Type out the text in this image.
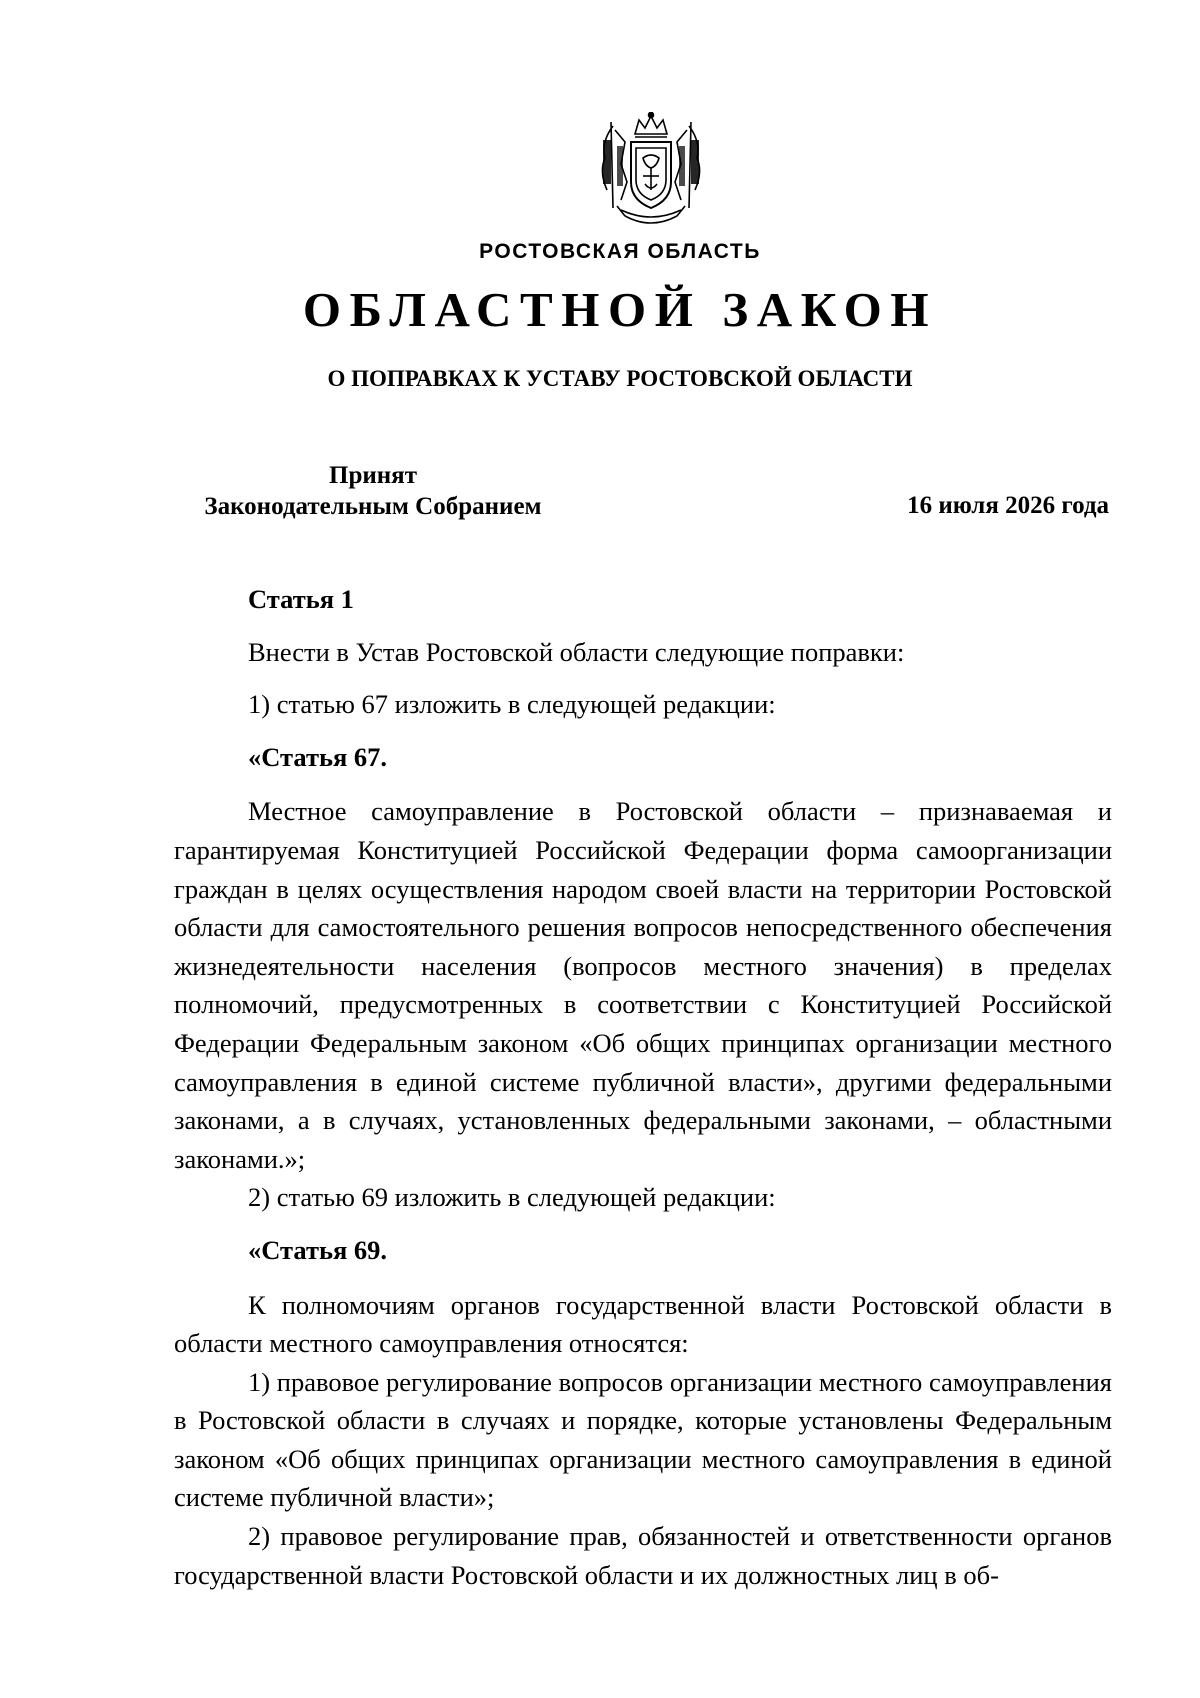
РОСТОВСКАЯ ОБЛАСТЬ
ОБЛАСТНОЙ ЗАКОН
О ПОПРАВКАХ К УСТАВУ РОСТОВСКОЙ ОБЛАСТИ
Принят
Законодательным Собранием	16 июля 2026 года

Статья 1

Внести в Устав Ростовской области следующие поправки:

1) статью 67 изложить в следующей редакции:

«Статья 67.

Местное самоуправление в Ростовской области – признаваемая и гарантируемая Конституцией Российской Федерации форма самоорганизации граждан в целях осуществления народом своей власти на территории Ростовской области для самостоятельного решения вопросов непосредственного обеспечения жизнедеятельности населения (вопросов местного значения) в пределах полномочий, предусмотренных в соответствии с Конституцией Российской Федерации Федеральным законом «Об общих принципах организации местного самоуправления в единой системе публичной власти», другими федеральными законами, а в случаях, установленных федеральными законами, – областными законами.»;

2) статью 69 изложить в следующей редакции:

«Статья 69.

К полномочиям органов государственной власти Ростовской области в области местного самоуправления относятся:

1) правовое регулирование вопросов организации местного самоуправления в Ростовской области в случаях и порядке, которые установлены Федеральным законом «Об общих принципах организации местного самоуправления в единой системе публичной власти»;

2) правовое регулирование прав, обязанностей и ответственности органов государственной власти Ростовской области и их должностных лиц в об-
